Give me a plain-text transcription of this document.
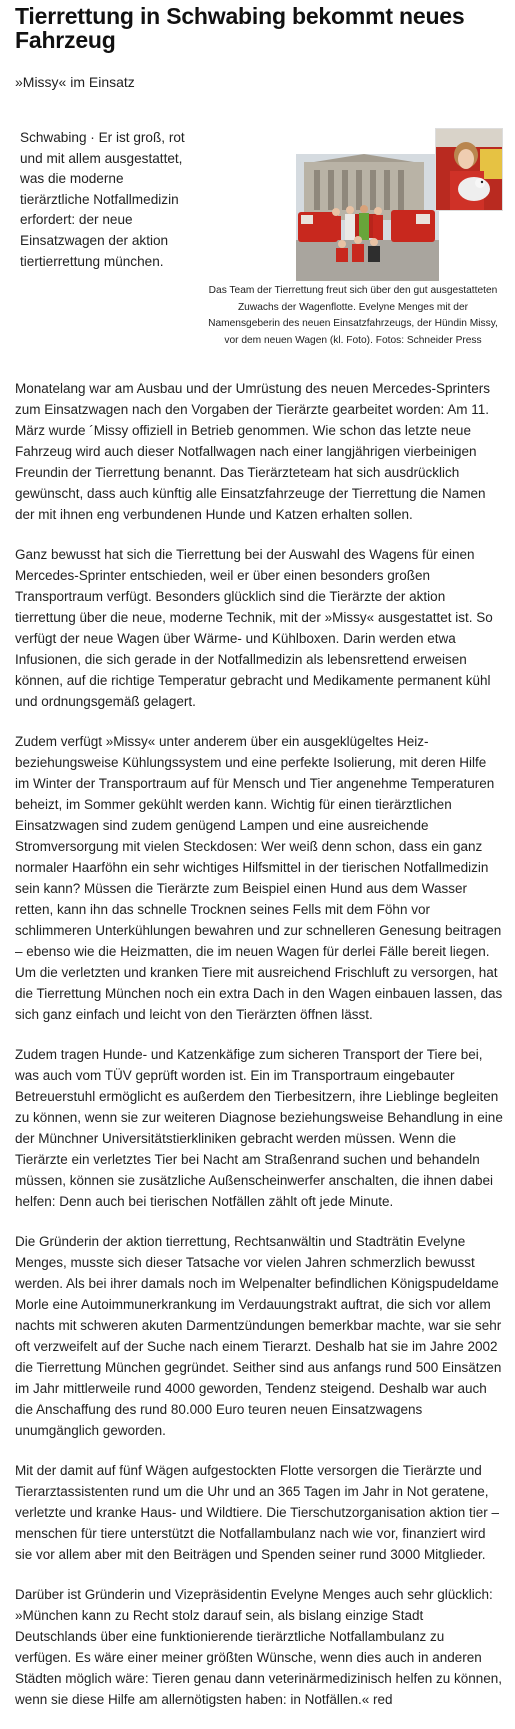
Tierrettung in Schwabing bekommt neues Fahrzeug

»Missy« im Einsatz

Schwabing · Er ist groß, rot und mit allem ausgestattet, was die moderne tierärztliche Notfallmedizin erfordert: der neue Einsatzwagen der aktion tiertierrettung münchen.

Das Team der Tierrettung freut sich über den gut ausgestatteten Zuwachs der Wagenflotte. Evelyne Menges mit der Namensgeberin des neuen Einsatzfahrzeugs, der Hündin Missy, vor dem neuen Wagen (kl. Foto). Fotos: Schneider Press

Monatelang war am Ausbau und der Umrüstung des neuen Mercedes-Sprinters zum Einsatzwagen nach den Vorgaben der Tierärzte gearbeitet worden: Am 11. März wurde ´Missy offiziell in Betrieb genommen. Wie schon das letzte neue Fahrzeug wird auch dieser Notfallwagen nach einer langjährigen vierbeinigen Freundin der Tierrettung benannt. Das Tierärzteteam hat sich ausdrücklich gewünscht, dass auch künftig alle Einsatzfahrzeuge der Tierrettung die Namen der mit ihnen eng verbundenen Hunde und Katzen erhalten sollen.

Ganz bewusst hat sich die Tierrettung bei der Auswahl des Wagens für einen Mercedes-Sprinter entschieden, weil er über einen besonders großen Transportraum verfügt. Besonders glücklich sind die Tierärzte der aktion tierrettung über die neue, moderne Technik, mit der »Missy« ausgestattet ist. So verfügt der neue Wagen über Wärme- und Kühlboxen. Darin werden etwa Infusionen, die sich gerade in der Notfallmedizin als lebensrettend erweisen können, auf die richtige Temperatur gebracht und Medikamente permanent kühl und ordnungsgemäß gelagert.

Zudem verfügt »Missy« unter anderem über ein ausgeklügeltes Heiz- beziehungsweise Kühlungssystem und eine perfekte Isolierung, mit deren Hilfe im Winter der Transportraum auf für Mensch und Tier angenehme Temperaturen beheizt, im Sommer gekühlt werden kann. Wichtig für einen tierärztlichen Einsatzwagen sind zudem genügend Lampen und eine ausreichende Stromversorgung mit vielen Steckdosen: Wer weiß denn schon, dass ein ganz normaler Haarföhn ein sehr wichtiges Hilfsmittel in der tierischen Notfallmedizin sein kann? Müssen die Tierärzte zum Beispiel einen Hund aus dem Wasser retten, kann ihn das schnelle Trocknen seines Fells mit dem Föhn vor schlimmeren Unterkühlungen bewahren und zur schnelleren Genesung beitragen – ebenso wie die Heizmatten, die im neuen Wagen für derlei Fälle bereit liegen. Um die verletzten und kranken Tiere mit ausreichend Frischluft zu versorgen, hat die Tierrettung München noch ein extra Dach in den Wagen einbauen lassen, das sich ganz einfach und leicht von den Tierärzten öffnen lässt.

Zudem tragen Hunde- und Katzenkäfige zum sicheren Transport der Tiere bei, was auch vom TÜV geprüft worden ist. Ein im Transportraum eingebauter Betreuerstuhl ermöglicht es außerdem den Tierbesitzern, ihre Lieblinge begleiten zu können, wenn sie zur weiteren Diagnose beziehungsweise Behandlung in eine der Münchner Universitätstierkliniken gebracht werden müssen. Wenn die Tierärzte ein verletztes Tier bei Nacht am Straßenrand suchen und behandeln müssen, können sie zusätzliche Außenscheinwerfer anschalten, die ihnen dabei helfen: Denn auch bei tierischen Notfällen zählt oft jede Minute.

Die Gründerin der aktion tierrettung, Rechtsanwältin und Stadträtin Evelyne Menges, musste sich dieser Tatsache vor vielen Jahren schmerzlich bewusst werden. Als bei ihrer damals noch im Welpenalter befindlichen Königspudeldame Morle eine Autoimmunerkrankung im Verdauungstrakt auftrat, die sich vor allem nachts mit schweren akuten Darmentzündungen bemerkbar machte, war sie sehr oft verzweifelt auf der Suche nach einem Tierarzt. Deshalb hat sie im Jahre 2002 die Tierrettung München gegründet. Seither sind aus anfangs rund 500 Einsätzen im Jahr mittlerweile rund 4000 geworden, Tendenz steigend. Deshalb war auch die Anschaffung des rund 80.000 Euro teuren neuen Einsatzwagens unumgänglich geworden.

Mit der damit auf fünf Wägen aufgestockten Flotte versorgen die Tierärzte und Tierarztassistenten rund um die Uhr und an 365 Tagen im Jahr in Not geratene, verletzte und kranke Haus- und Wildtiere. Die Tierschutzorganisation aktion tier – menschen für tiere unterstützt die Notfallambulanz nach wie vor, finanziert wird sie vor allem aber mit den Beiträgen und Spenden seiner rund 3000 Mitglieder.

Darüber ist Gründerin und Vizepräsidentin Evelyne Menges auch sehr glücklich: »München kann zu Recht stolz darauf sein, als bislang einzige Stadt Deutschlands über eine funktionierende tierärztliche Notfallambulanz zu verfügen. Es wäre einer meiner größten Wünsche, wenn dies auch in anderen Städten möglich wäre: Tieren genau dann veterinärmedizinisch helfen zu können, wenn sie diese Hilfe am allernötigsten haben: in Notfällen.« red
